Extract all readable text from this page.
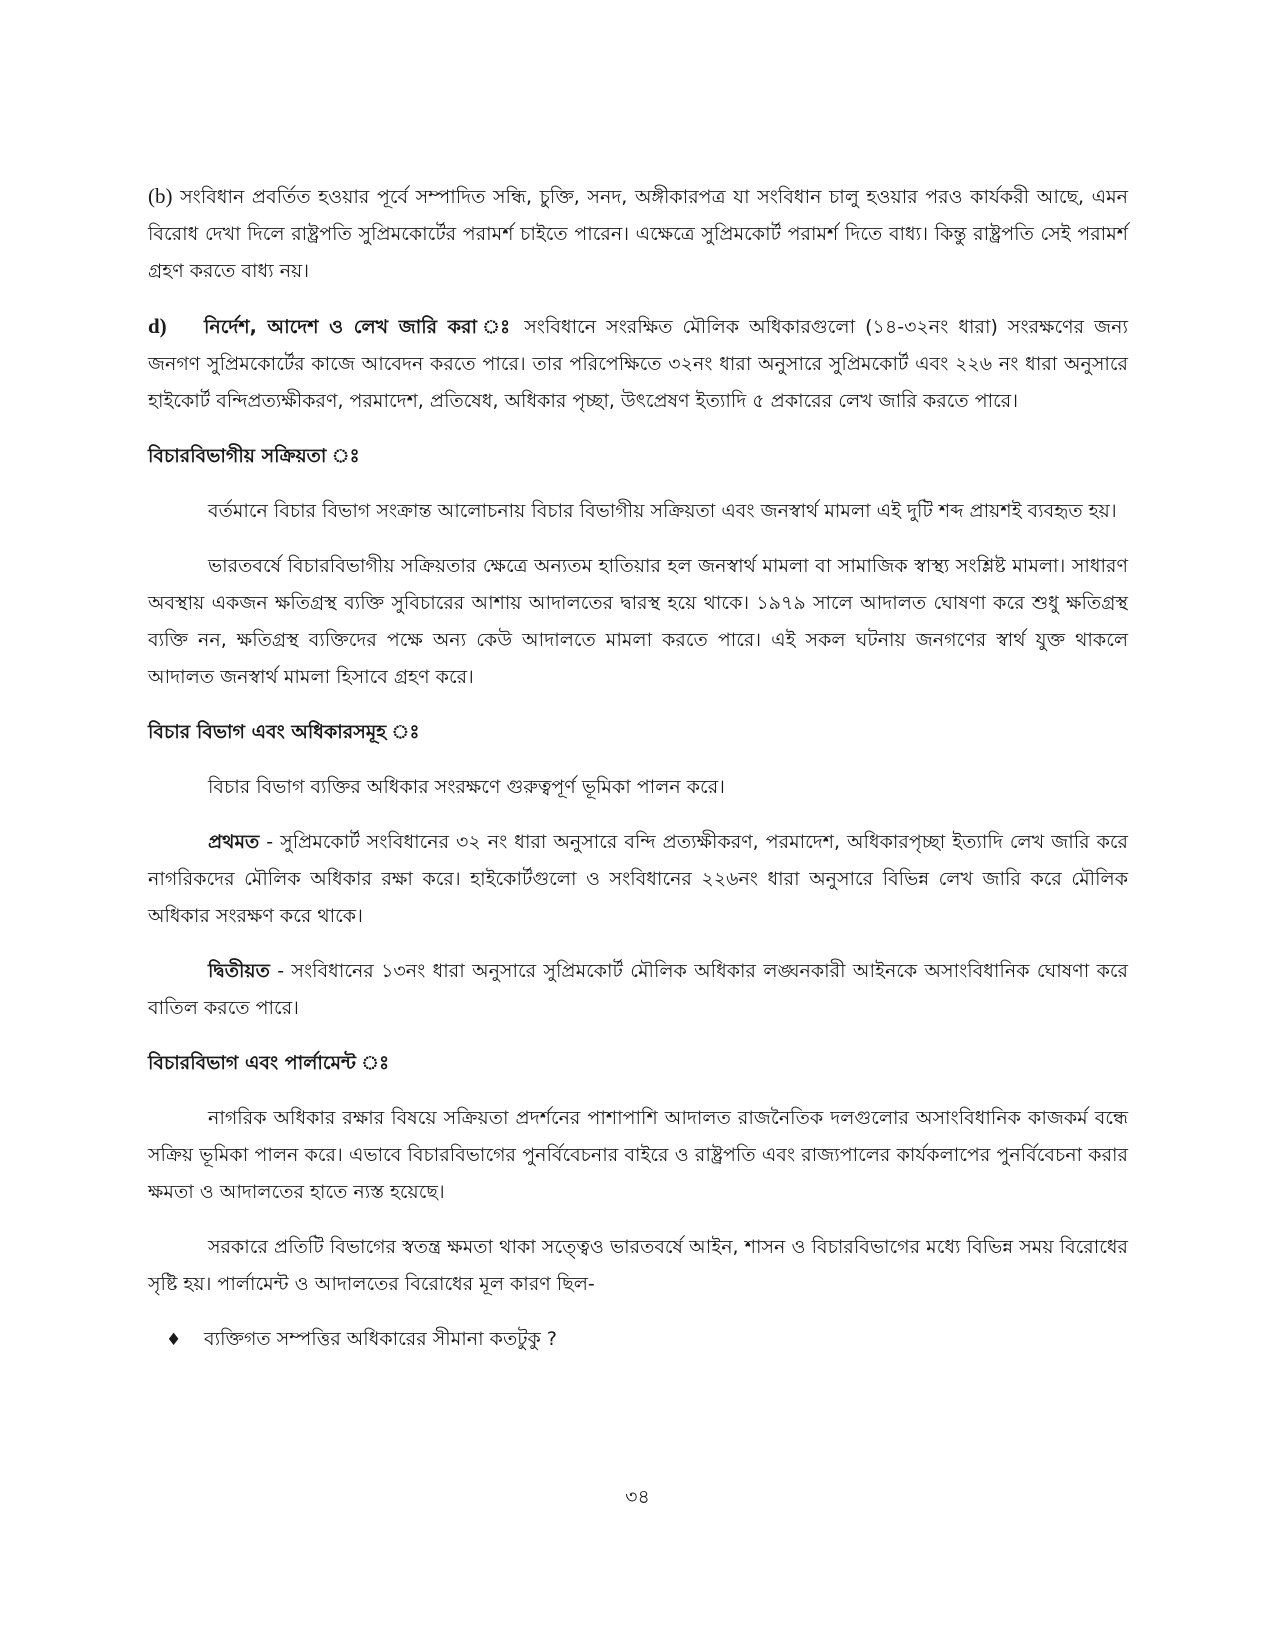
(b) সংবিধান প্রবর্তিত হওয়ার পূর্বে সম্পাদিত সন্ধি, চুক্তি, সনদ, অঙ্গীকারপত্র যা সংবিধান চালু হওয়ার পরও কার্যকরী আছে, এমন বিরোধ দেখা দিলে রাষ্ট্রপতি সুপ্রিমকোর্টের পরামর্শ চাইতে পারেন। এক্ষেত্রে সুপ্রিমকোর্ট পরামর্শ দিতে বাধ্য। কিন্তু রাষ্ট্রপতি সেই পরামর্শ গ্রহণ করতে বাধ্য নয়।

d) নির্দেশ, আদেশ ও লেখ জারি করা ঃ সংবিধানে সংরক্ষিত মৌলিক অধিকারগুলো (১৪-৩২নং ধারা) সংরক্ষণের জন্য জনগণ সুপ্রিমকোর্টের কাজে আবেদন করতে পারে। তার পরিপেক্ষিতে ৩২নং ধারা অনুসারে সুপ্রিমকোর্ট এবং ২২৬ নং ধারা অনুসারে হাইকোর্ট বন্দিপ্রত্যক্ষীকরণ, পরমাদেশ, প্রতিষেধ, অধিকার পৃচ্ছা, উৎপ্রেষণ ইত্যাদি ৫ প্রকারের লেখ জারি করতে পারে।

বিচারবিভাগীয় সক্রিয়তা ঃ

বর্তমানে বিচার বিভাগ সংক্রান্ত আলোচনায় বিচার বিভাগীয় সক্রিয়তা এবং জনস্বার্থ মামলা এই দুটি শব্দ প্রায়শই ব্যবহৃত হয়।

ভারতবর্ষে বিচারবিভাগীয় সক্রিয়তার ক্ষেত্রে অন্যতম হাতিয়ার হল জনস্বার্থ মামলা বা সামাজিক স্বাস্থ্য সংশ্লিষ্ট মামলা। সাধারণ অবস্থায় একজন ক্ষতিগ্রস্থ ব্যক্তি সুবিচারের আশায় আদালতের দ্বারস্থ হয়ে থাকে। ১৯৭৯ সালে আদালত ঘোষণা করে শুধু ক্ষতিগ্রস্থ ব্যক্তি নন, ক্ষতিগ্রস্থ ব্যক্তিদের পক্ষে অন্য কেউ আদালতে মামলা করতে পারে। এই সকল ঘটনায় জনগণের স্বার্থ যুক্ত থাকলে আদালত জনস্বার্থ মামলা হিসাবে গ্রহণ করে।

বিচার বিভাগ এবং অধিকারসমূহ ঃ

বিচার বিভাগ ব্যক্তির অধিকার সংরক্ষণে গুরুত্বপূর্ণ ভূমিকা পালন করে।

প্রথমত - সুপ্রিমকোর্ট সংবিধানের ৩২ নং ধারা অনুসারে বন্দি প্রত্যক্ষীকরণ, পরমাদেশ, অধিকারপৃচ্ছা ইত্যাদি লেখ জারি করে নাগরিকদের মৌলিক অধিকার রক্ষা করে। হাইকোর্টগুলো ও সংবিধানের ২২৬নং ধারা অনুসারে বিভিন্ন লেখ জারি করে মৌলিক অধিকার সংরক্ষণ করে থাকে।

দ্বিতীয়ত - সংবিধানের ১৩নং ধারা অনুসারে সুপ্রিমকোর্ট মৌলিক অধিকার লঙ্ঘনকারী আইনকে অসাংবিধানিক ঘোষণা করে বাতিল করতে পারে।

বিচারবিভাগ এবং পার্লামেন্ট ঃ

নাগরিক অধিকার রক্ষার বিষয়ে সক্রিয়তা প্রদর্শনের পাশাপাশি আদালত রাজনৈতিক দলগুলোর অসাংবিধানিক কাজকর্ম বন্ধে সক্রিয় ভূমিকা পালন করে। এভাবে বিচারবিভাগের পুনর্বিবেচনার বাইরে ও রাষ্ট্রপতি এবং রাজ্যপালের কার্যকলাপের পুনর্বিবেচনা করার ক্ষমতা ও আদালতের হাতে ন্যস্ত হয়েছে।

সরকারে প্রতিটি বিভাগের স্বতন্ত্র ক্ষমতা থাকা সত্ত্বেও ভারতবর্ষে আইন, শাসন ও বিচারবিভাগের মধ্যে বিভিন্ন সময় বিরোধের সৃষ্টি হয়। পার্লামেন্ট ও আদালতের বিরোধের মূল কারণ ছিল-

♦	ব্যক্তিগত সম্পত্তির অধিকারের সীমানা কতটুকু ?
৩৪
